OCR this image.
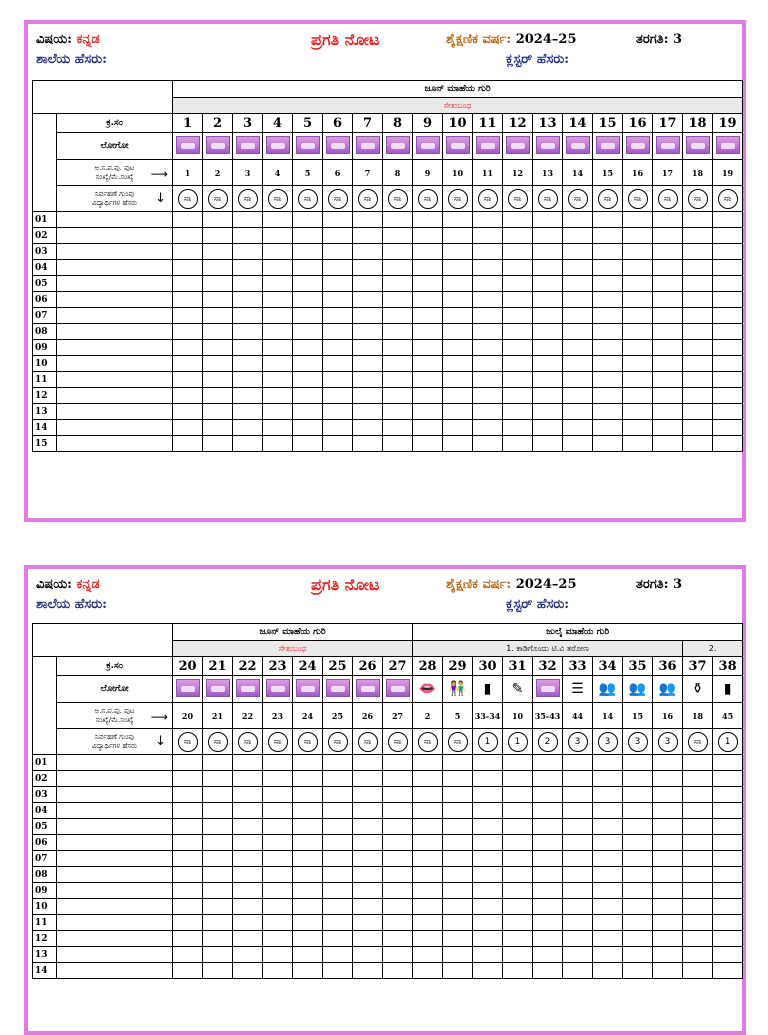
ವಿಷಯ: ಕನ್ನಡ	ಪ್ರಗತಿ ನೋಟ	ಶೈಕ್ಷಣಿಕ ವರ್ಷ: 2024–25	ತರಗತಿ: 3
ಶಾಲೆಯ ಹೆಸರು:	ಕ್ಲಸ್ಟರ್ ಹೆಸರು:
		ಜೂನ್ ಮಾಹೆಯ ಗುರಿ																		
		ಸೇತುಬಂಧ																		
	ಕ್ರ.ಸಂ	1	2	3	4	5	6	7	8	9	10	11	12	13	14	15	16	17	18	19
	ಲೋಗೋ																			

	ಅ.ಸ.ಪ.ಪು. ಪುಟ
ಸಂಖ್ಯೆ/ಮೆ.ಸಂಖ್ಯೆ ⟶	1	2	3	4	5	6	7	8	9	10	11	12	13	14	15	16	17	18	19

	ನಿರ್ವಹಣೆ ಗುಂಪು
ವಿದ್ಯಾರ್ಥಿಗಳ ಹೆಸರು ↓	ಸಾ	ಸಾ	ಸಾ	ಸಾ	ಸಾ	ಸಾ	ಸಾ	ಸಾ	ಸಾ	ಸಾ	ಸಾ	ಸಾ	ಸಾ	ಸಾ	ಸಾ	ಸಾ	ಸಾ	ಸಾ	ಸಾ
01																				
02																				
03																				
04																				
05																				
06																				
07																				
08																				
09																				
10																				
11																				
12																				
13																				
14																				
15																				
ವಿಷಯ: ಕನ್ನಡ	ಪ್ರಗತಿ ನೋಟ	ಶೈಕ್ಷಣಿಕ ವರ್ಷ: 2024–25	ತರಗತಿ: 3
ಶಾಲೆಯ ಹೆಸರು:	ಕ್ಲಸ್ಟರ್ ಹೆಸರು:
		ಜೂನ್ ಮಾಹೆಯ ಗುರಿ								ಜುಲೈ ಮಾಹೆಯ ಗುರಿ										
		ಸೇತುಬಂಧ								1. ಕಾಡಿಗೊಂದು ಟಿ.ವಿ ತರೋಣ									2.	
	ಕ್ರ.ಸಂ	20	21	22	23	24	25	26	27	28	29	30	31	32	33	34	35	36	37	38
	ಲೋಗೋ									👄	👫	▮	✎		☰	👥	👥	👥	⚱	▮

	ಅ.ಸ.ಪ.ಪು. ಪುಟ
ಸಂಖ್ಯೆ/ಮೆ.ಸಂಖ್ಯೆ ⟶	20	21	22	23	24	25	26	27	2	5	33-34	10	35-43	44	14	15	16	18	45

	ನಿರ್ವಹಣೆ ಗುಂಪು
ವಿದ್ಯಾರ್ಥಿಗಳ ಹೆಸರು ↓	ಸಾ	ಸಾ	ಸಾ	ಸಾ	ಸಾ	ಸಾ	ಸಾ	ಸಾ	ಸಾ	ಸಾ	1	1	2	3	3	3	3	ಸಾ	1
01																				
02																				
03																				
04																				
05																				
06																				
07																				
08																				
09																				
10																				
11																				
12																				
13																				
14																				
